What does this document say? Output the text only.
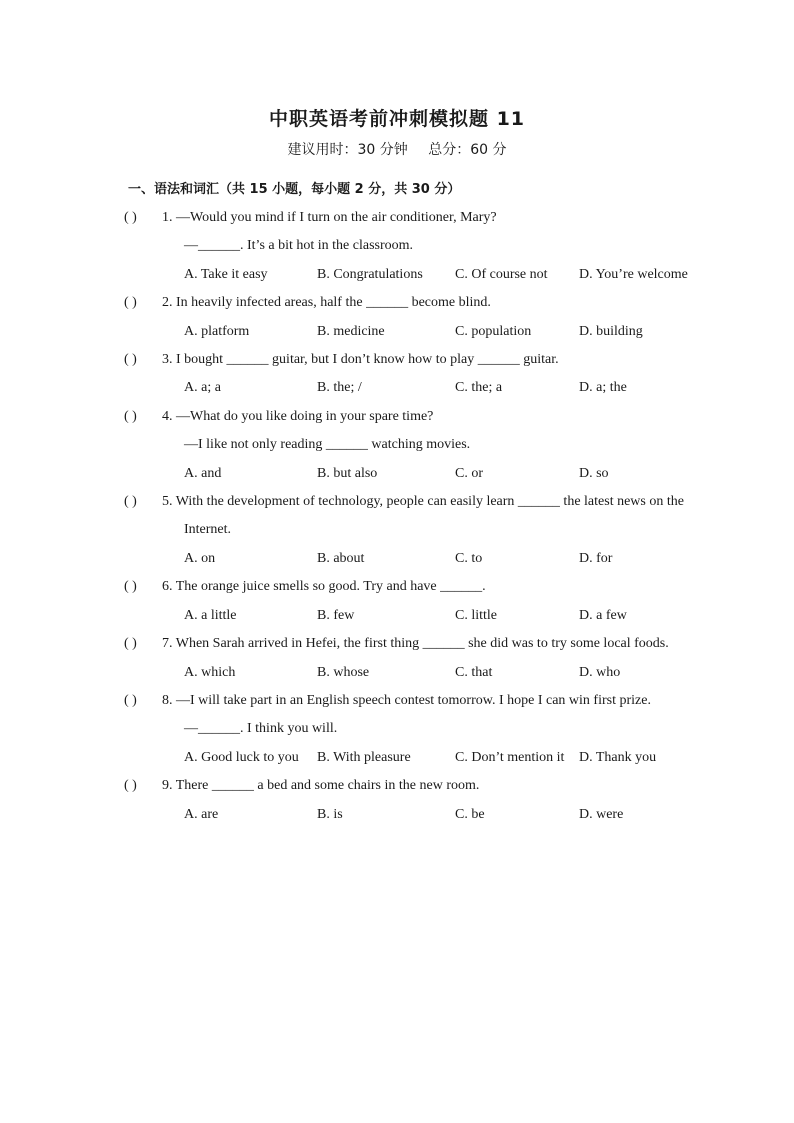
中职英语考前冲刺模拟题 11
建议用时：30 分钟 总分：60 分
一、语法和词汇（共 15 小题，每小题 2 分，共 30 分）
( )	1. —Would you mind if I turn on the air conditioner, Mary?
—______. It’s a bit hot in the classroom.
A. Take it easy	B. Congratulations	C. Of course not	D. You’re welcome
( )	2. In heavily infected areas, half the ______ become blind.
A. platform	B. medicine	C. population	D. building
( )	3. I bought ______ guitar, but I don’t know how to play ______ guitar.
A. a; a	B. the; /	C. the; a	D. a; the
( )	4. —What do you like doing in your spare time?
—I like not only reading ______ watching movies.
A. and	B. but also	C. or	D. so
( )	5. With the development of technology, people can easily learn ______ the latest news on the
Internet.
A. on	B. about	C. to	D. for
( )	6. The orange juice smells so good. Try and have ______.
A. a little	B. few	C. little	D. a few
( )	7. When Sarah arrived in Hefei, the first thing ______ she did was to try some local foods.
A. which	B. whose	C. that	D. who
( )	8. —I will take part in an English speech contest tomorrow. I hope I can win first prize.
—______. I think you will.
A. Good luck to you	B. With pleasure	C. Don’t mention it	D. Thank you
( )	9. There ______ a bed and some chairs in the new room.
A. are	B. is	C. be	D. were
